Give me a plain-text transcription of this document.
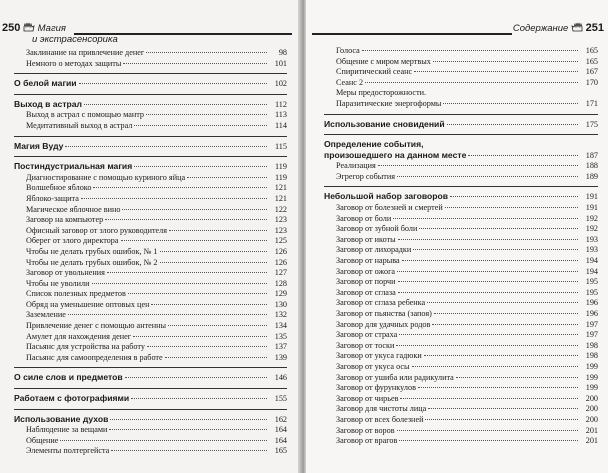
250 Магия
и экстрасенсорика
Заклинание на привлечение денег	98
Немного о методах защиты	101
О белой магии	102
Выход в астрал	112
Выход в астрал с помощью мантр	113
Медитативный выход в астрал	114
Магия Вуду	115
Постиндустриальная магия	119
Диагностирование с помощью куриного яйца	119
Волшебное яблоко	121
Яблоко-защита	121
Магическое яблочное вино	122
Заговор на компьютер	123
Офисный заговор от злого руководителя	123
Оберег от злого директора	125
Чтобы не делать грубых ошибок, № 1	126
Чтобы не делать грубых ошибок, № 2	126
Заговор от увольнения	127
Чтобы не уволили	128
Список полезных предметов	129
Обряд на уменьшение оптовых цен	130
Заземление	132
Привлечение денег с помощью антенны	134
Амулет для нахождения денег	135
Пасьянс для устройства на работу	137
Пасьянс для самоопределения в работе	139
О силе слов и предметов	146
Работаем с фотографиями	155
Использование духов	162
Наблюдение за вещами	164
Общение	164
Элементы полтергейста	165
Содержание 251
Голоса	165
Общение с миром мертвых	165
Спиритический сеанс	167
Сеанс 2	170
Меры предосторожности.
Паразитические энергоформы	171
Использование сновидений	175
Определение события,
произошедшего на данном месте	187
Реализация	188
Эгрегор события	189
Небольшой набор заговоров	191
Заговор от болезней и смертей	191
Заговор от боли	192
Заговор от зубной боли	192
Заговор от икоты	193
Заговор от лихорадки	193
Заговор от нарыва	194
Заговор от ожога	194
Заговор от порчи	195
Заговор от сглаза	195
Заговор от сглаза ребенка	196
Заговор от пьянства (запоя)	196
Заговор для удачных родов	197
Заговор от страха	197
Заговор от тоски	198
Заговор от укуса гадюки	198
Заговор от укуса осы	199
Заговор от ушиба или радикулита	199
Заговор от фурункулов	199
Заговор от чирьев	200
Заговор для чистоты лица	200
Заговор от всех болезней	200
Заговор от воров	201
Заговор от врагов	201
